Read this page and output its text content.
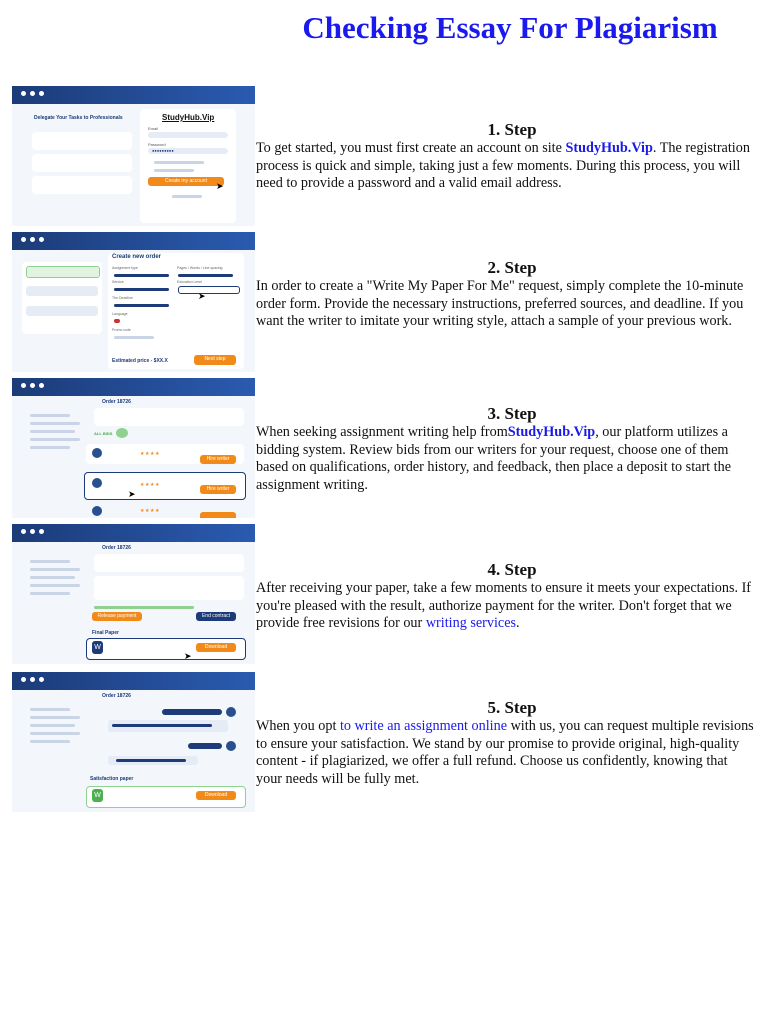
Checking Essay For Plagiarism
Delegate Your Tasks to Professionals	StudyHub.Vip
Email
Password
●●●●●●●●●
Create my account	➤
1. Step

To get started, you must first create an account on site StudyHub.Vip. The registration process is quick and simple, taking just a few moments. During this process, you will need to provide a password and a valid email address.

Create new order
Assignment type	Pages / Words / Line spacing
Service	Education Level
➤
The Deadline
Language
Promo code
Estimated price - $XX.X	Next step
2. Step

In order to create a "Write My Paper For Me" request, simply complete the 10-minute order form. Provide the necessary instructions, preferred sources, and deadline. If you want the writer to imitate your writing style, attach a sample of your previous work.

Order 18726
ALL BIDS
★★★★
Hire writer
★★★★
Hire writer
➤
★★★★
3. Step

When seeking assignment writing help fromStudyHub.Vip, our platform utilizes a bidding system. Review bids from our writers for your request, choose one of them based on qualifications, order history, and feedback, then place a deposit to start the assignment writing.

Order 18726
Release payment	End contract
Final Paper
W	Download
➤
4. Step

After receiving your paper, take a few moments to ensure it meets your expectations. If you're pleased with the result, authorize payment for the writer. Don't forget that we provide free revisions for our writing services.

Order 18726
Satisfaction paper
W	Download
5. Step

When you opt to write an assignment online with us, you can request multiple revisions to ensure your satisfaction. We stand by our promise to provide original, high-quality content - if plagiarized, we offer a full refund. Choose us confidently, knowing that your needs will be fully met.
